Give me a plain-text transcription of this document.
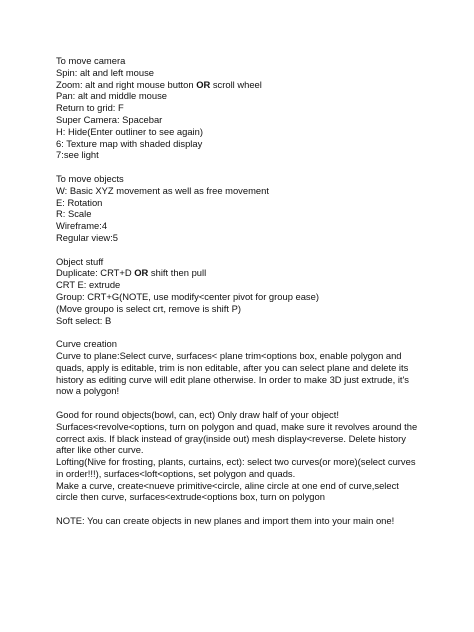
To move camera
Spin: alt and left mouse
Zoom: alt and right mouse button OR scroll wheel
Pan: alt and middle mouse
Return to grid: F
Super Camera: Spacebar
H: Hide(Enter outliner to see again)
6: Texture map with shaded display
7:see light
To move objects
W: Basic XYZ movement as well as free movement
E: Rotation
R: Scale
Wireframe:4
Regular view:5
Object stuff
Duplicate: CRT+D OR shift then pull
CRT E: extrude
Group: CRT+G(NOTE, use modify<center pivot for group ease)
(Move groupo is select crt, remove is shift P)
Soft select: B
Curve creation
Curve to plane:Select curve, surfaces< plane trim<options box, enable polygon and
quads, apply is editable, trim is non editable, after you can select plane and delete its
history as editing curve will edit plane otherwise. In order to make 3D just extrude, it's
now a polygon!
Good for round objects(bowl, can, ect) Only draw half of your object!
Surfaces<revolve<options, turn on polygon and quad, make sure it revolves around the
correct axis. If black instead of gray(inside out) mesh display<reverse. Delete history
after like other curve.
Lofting(Nive for frosting, plants, curtains, ect): select two curves(or more)(select curves
in order!!!), surfaces<loft<options, set polygon and quads.
Make a curve, create<nueve primitive<circle, aline circle at one end of curve,select
circle then curve, surfaces<extrude<options box, turn on polygon
NOTE: You can create objects in new planes and import them into your main one!
